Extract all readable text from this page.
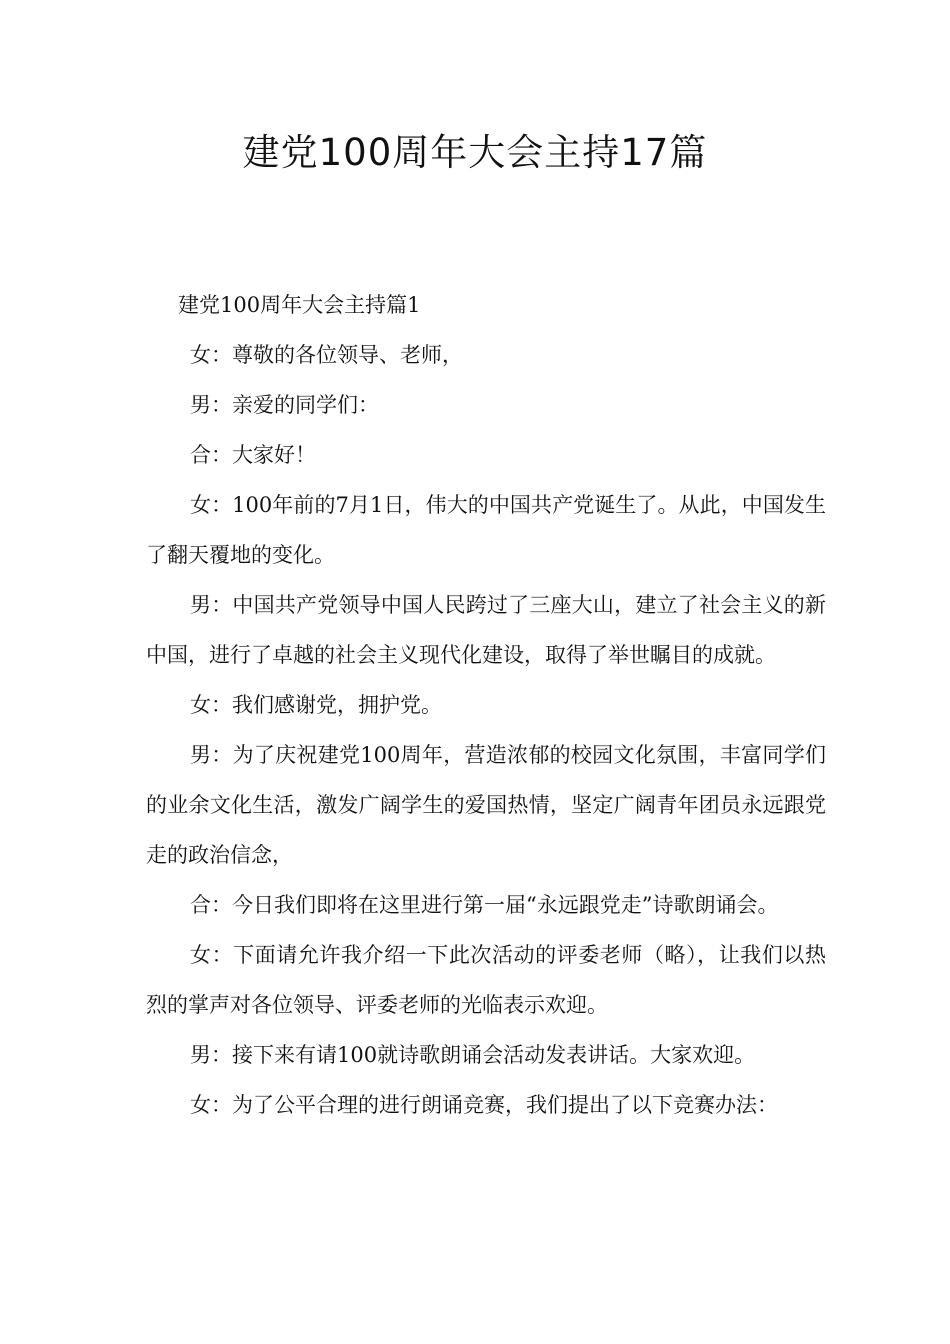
建党100周年大会主持17篇

建党100周年大会主持篇1

女：尊敬的各位领导、老师，

男：亲爱的同学们：

合：大家好！

女：100年前的7月1日，伟大的中国共产党诞生了。从此，中国发生了翻天覆地的变化。

男：中国共产党领导中国人民跨过了三座大山，建立了社会主义的新中国，进行了卓越的社会主义现代化建设，取得了举世瞩目的成就。

女：我们感谢党，拥护党。

男：为了庆祝建党100周年，营造浓郁的校园文化氛围，丰富同学们的业余文化生活，激发广阔学生的爱国热情，坚定广阔青年团员永远跟党走的政治信念，

合：今日我们即将在这里进行第一届“永远跟党走”诗歌朗诵会。

女：下面请允许我介绍一下此次活动的评委老师（略），让我们以热烈的掌声对各位领导、评委老师的光临表示欢迎。

男：接下来有请100就诗歌朗诵会活动发表讲话。大家欢迎。

女：为了公平合理的进行朗诵竞赛，我们提出了以下竞赛办法：
